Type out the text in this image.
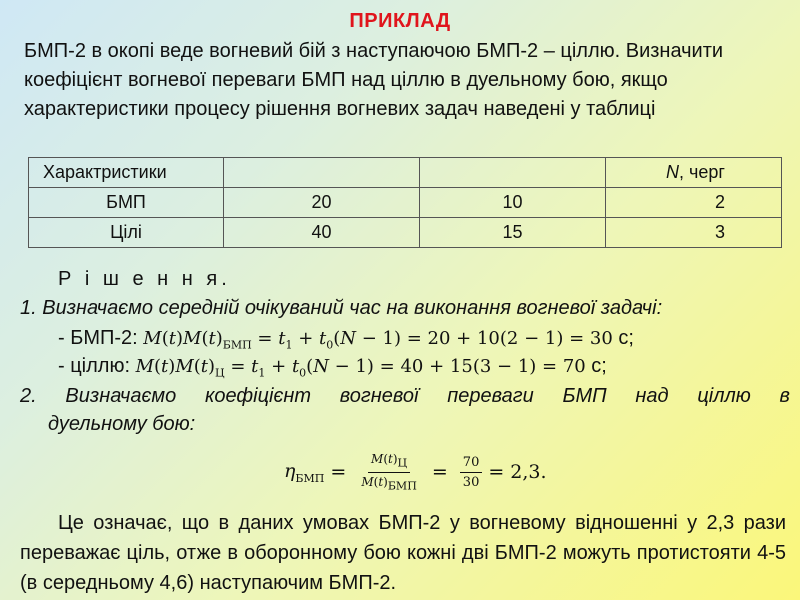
ПРИКЛАД
БМП-2 в окопі веде вогневий бій з наступаючою БМП-2 – ціллю. Визначити коефіцієнт вогневої переваги БМП над ціллю в дуельному бою, якщо характеристики процесу рішення вогневих задач наведені у таблиці
Характристики			N, черг
БМП	20	10	2
Цілі	40	15	3
Р і ш е н н я.
1. Визначаємо середній очікуваний час на виконання вогневої задачі:
- БМП-2: $M(t)M(t)_{БМП} = t_1 + t_0(N - 1) = 20 + 10(2 - 1) = 30$ с;
- ціллю: $M(t)M(t)_Ц = t_1 + t_0(N - 1) = 40 + 15(3 - 1) = 70$ с;
2. Визначаємо коефіцієнт вогневої переваги БМП над ціллю в
дуельному бою:
$\eta_{БМП} = \frac{M(t)_Ц}{M(t)_{БМП}} = \frac{70}{30} = 2,3$.
Це означає, що в даних умовах БМП-2 у вогневому відношенні у 2,3 рази переважає ціль, отже в оборонному бою кожні дві БМП-2 можуть протистояти 4-5 (в середньому 4,6) наступаючим БМП-2.
